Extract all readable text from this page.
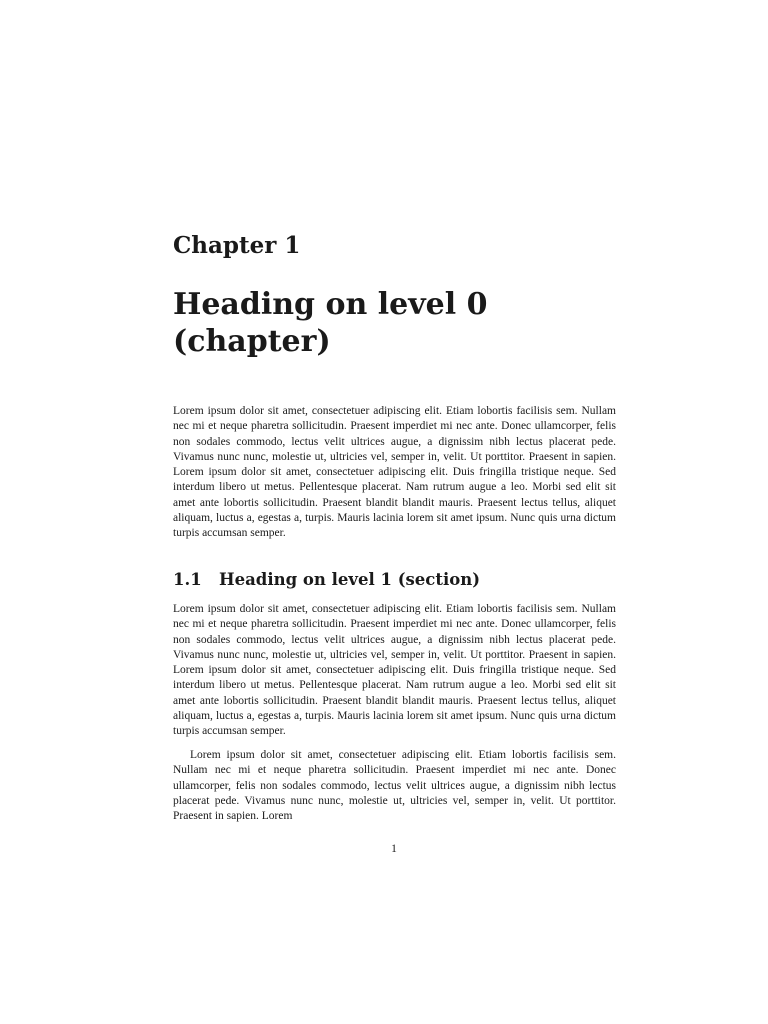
Chapter 1

Heading on level 0
(chapter)

Lorem ipsum dolor sit amet, consectetuer adipiscing elit. Etiam lobortis facilisis sem. Nullam nec mi et neque pharetra sollicitudin. Praesent imperdiet mi nec ante. Donec ullamcorper, felis non sodales commodo, lectus velit ultrices augue, a dignissim nibh lectus placerat pede. Vivamus nunc nunc, molestie ut, ultricies vel, semper in, velit. Ut porttitor. Praesent in sapien. Lorem ipsum dolor sit amet, consectetuer adipiscing elit. Duis fringilla tristique neque. Sed interdum libero ut metus. Pellentesque placerat. Nam rutrum augue a leo. Morbi sed elit sit amet ante lobortis sollicitudin. Praesent blandit blandit mauris. Praesent lectus tellus, aliquet aliquam, luctus a, egestas a, turpis. Mauris lacinia lorem sit amet ipsum. Nunc quis urna dictum turpis accumsan semper.

1.1 Heading on level 1 (section)

Lorem ipsum dolor sit amet, consectetuer adipiscing elit. Etiam lobortis facilisis sem. Nullam nec mi et neque pharetra sollicitudin. Praesent imperdiet mi nec ante. Donec ullamcorper, felis non sodales commodo, lectus velit ultrices augue, a dignissim nibh lectus placerat pede. Vivamus nunc nunc, molestie ut, ultricies vel, semper in, velit. Ut porttitor. Praesent in sapien. Lorem ipsum dolor sit amet, consectetuer adipiscing elit. Duis fringilla tristique neque. Sed interdum libero ut metus. Pellentesque placerat. Nam rutrum augue a leo. Morbi sed elit sit amet ante lobortis sollicitudin. Praesent blandit blandit mauris. Praesent lectus tellus, aliquet aliquam, luctus a, egestas a, turpis. Mauris lacinia lorem sit amet ipsum. Nunc quis urna dictum turpis accumsan semper.

Lorem ipsum dolor sit amet, consectetuer adipiscing elit. Etiam lobortis facilisis sem. Nullam nec mi et neque pharetra sollicitudin. Praesent imperdiet mi nec ante. Donec ullamcorper, felis non sodales commodo, lectus velit ultrices augue, a dignissim nibh lectus placerat pede. Vivamus nunc nunc, molestie ut, ultricies vel, semper in, velit. Ut porttitor. Praesent in sapien. Lorem

1
